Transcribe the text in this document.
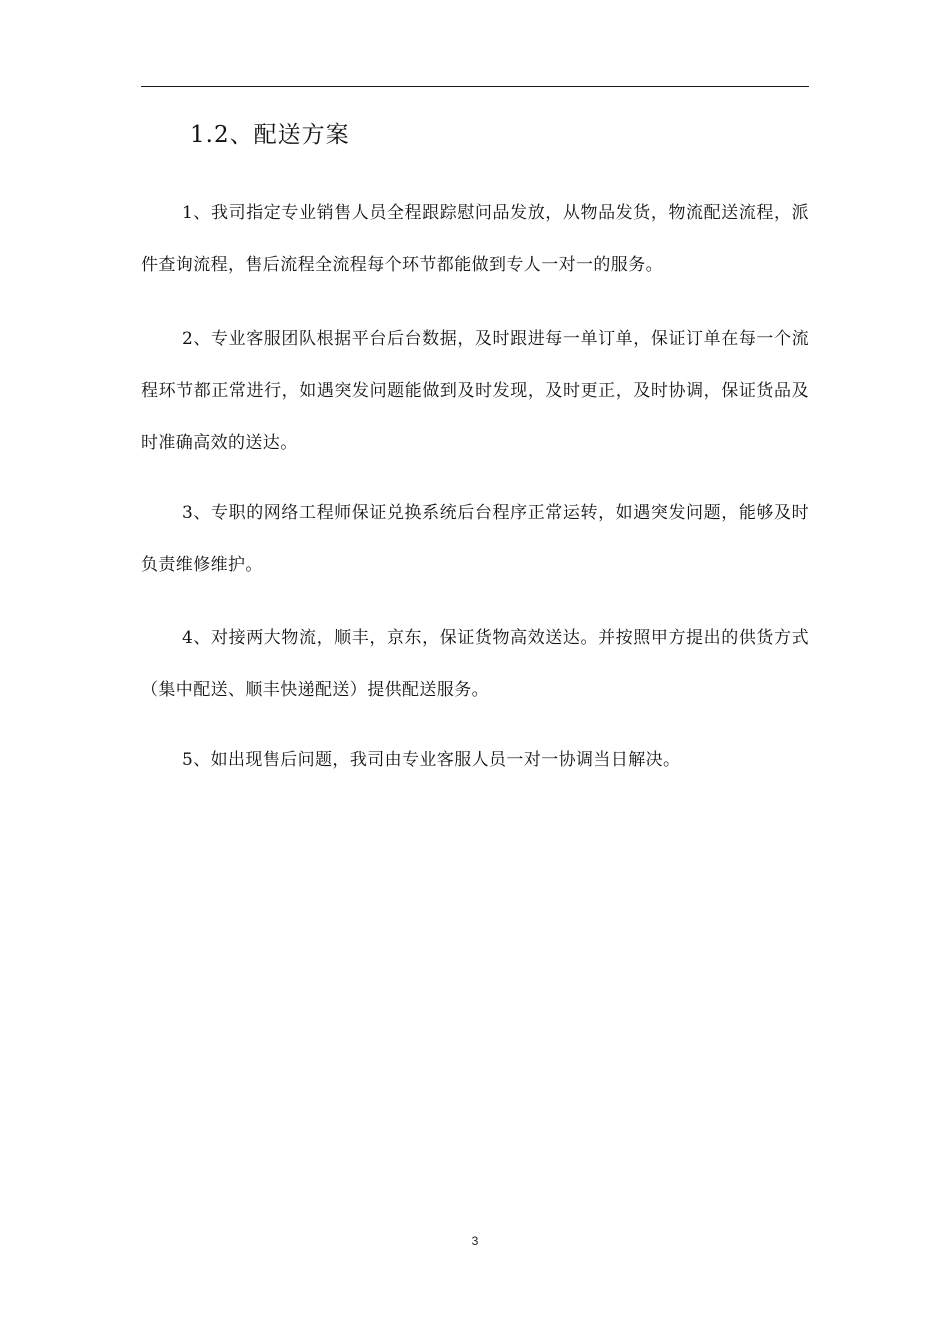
1.2、配送方案

1、我司指定专业销售人员全程跟踪慰问品发放，从物品发货，物流配送流程，派件查询流程，售后流程全流程每个环节都能做到专人一对一的服务。

2、专业客服团队根据平台后台数据，及时跟进每一单订单，保证订单在每一个流程环节都正常进行，如遇突发问题能做到及时发现，及时更正，及时协调，保证货品及时准确高效的送达。

3、专职的网络工程师保证兑换系统后台程序正常运转，如遇突发问题，能够及时负责维修维护。

4、对接两大物流，顺丰，京东，保证货物高效送达。并按照甲方提出的供货方式（集中配送、顺丰快递配送）提供配送服务。

5、如出现售后问题，我司由专业客服人员一对一协调当日解决。

3
